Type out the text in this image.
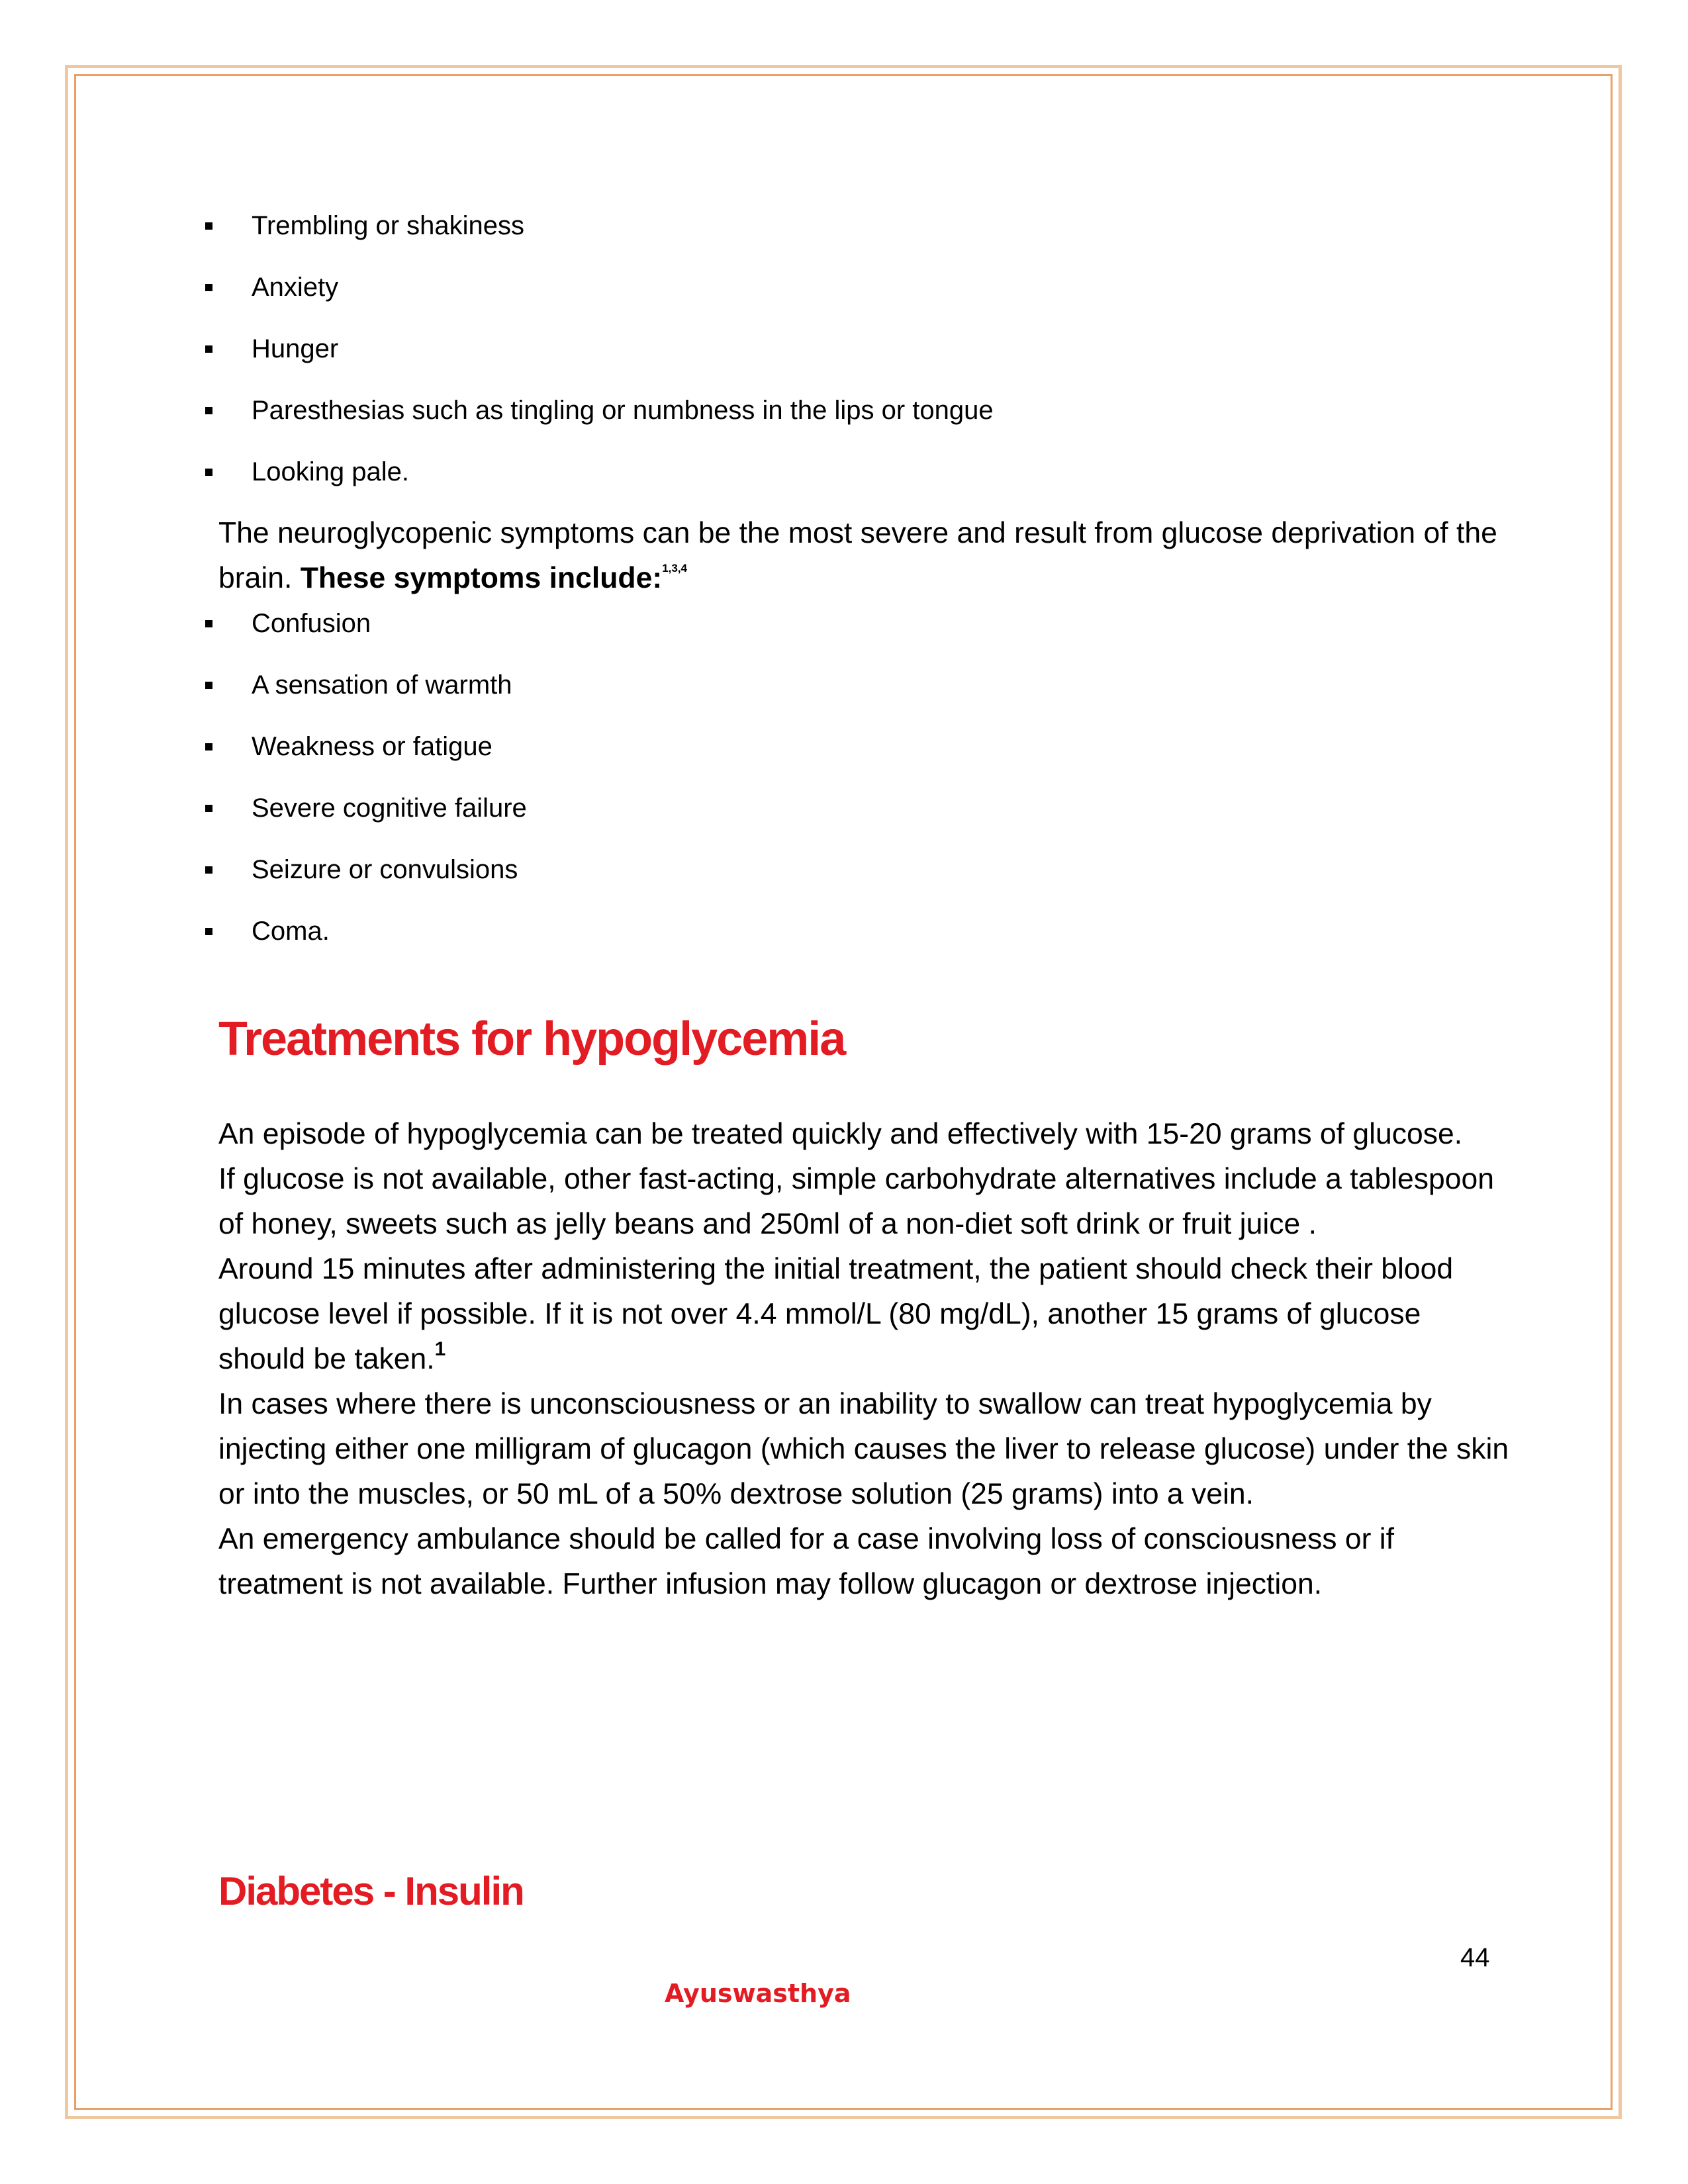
Trembling or shakiness
Anxiety
Hunger
Paresthesias such as tingling or numbness in the lips or tongue
Looking pale.

The neuroglycopenic symptoms can be the most severe and result from glucose deprivation of the brain. These symptoms include:$^{1,3,4}$

Confusion
A sensation of warmth
Weakness or fatigue
Severe cognitive failure
Seizure or convulsions
Coma.
Treatments for hypoglycemia
An episode of hypoglycemia can be treated quickly and effectively with 15-20 grams of glucose.
If glucose is not available, other fast-acting, simple carbohydrate alternatives include a tablespoon of honey, sweets such as jelly beans and 250ml of a non-diet soft drink or fruit juice .
Around 15 minutes after administering the initial treatment, the patient should check their blood glucose level if possible. If it is not over 4.4 mmol/L (80 mg/dL), another 15 grams of glucose should be taken.$^1$
In cases where there is unconsciousness or an inability to swallow can treat hypoglycemia by injecting either one milligram of glucagon (which causes the liver to release glucose) under the skin or into the muscles, or 50 mL of a 50% dextrose solution (25 grams) into a vein.
An emergency ambulance should be called for a case involving loss of consciousness or if treatment is not available. Further infusion may follow glucagon or dextrose injection.
Diabetes - Insulin
44
Ayuswasthya
